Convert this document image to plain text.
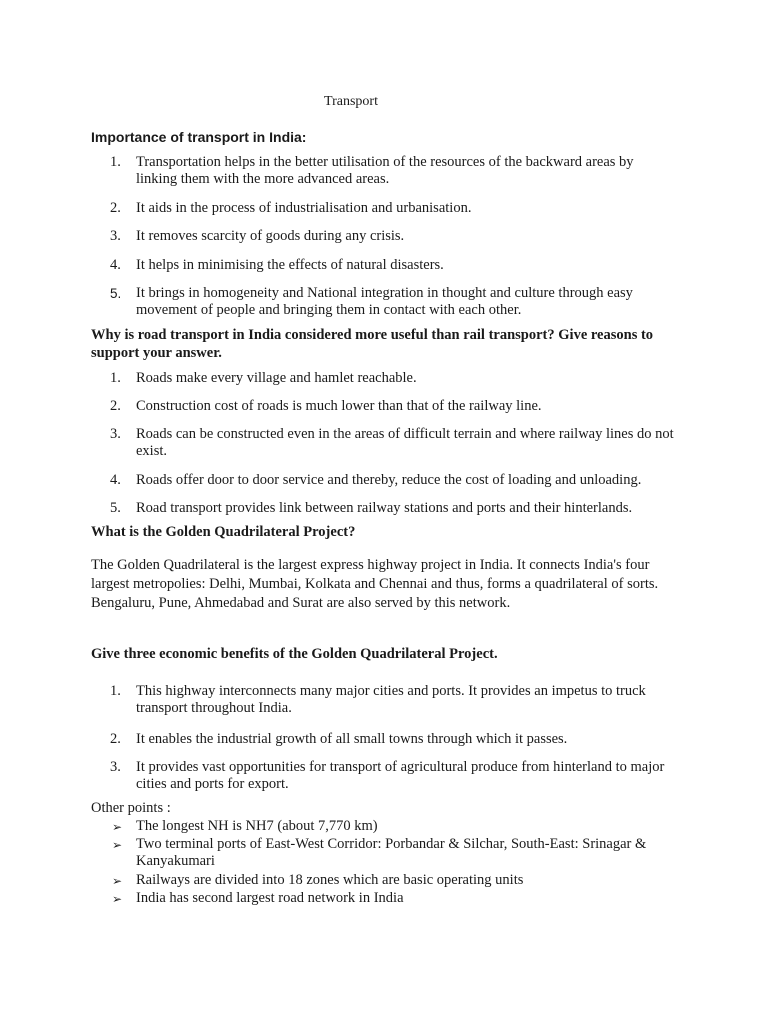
Transport
Importance of transport in India:
1.	Transportation helps in the better utilisation of the resources of the backward areas by linking them with the more advanced areas.
2.	It aids in the process of industrialisation and urbanisation.
3.	It removes scarcity of goods during any crisis.
4.	It helps in minimising the effects of natural disasters.
5.	It brings in homogeneity and National integration in thought and culture through easy movement of people and bringing them in contact with each other.
Why is road transport in India considered more useful than rail transport? Give reasons to support your answer.
1.	Roads make every village and hamlet reachable.
2.	Construction cost of roads is much lower than that of the railway line.
3.	Roads can be constructed even in the areas of difficult terrain and where railway lines do not exist.
4.	Roads offer door to door service and thereby, reduce the cost of loading and unloading.
5.	Road transport provides link between railway stations and ports and their hinterlands.
What is the Golden Quadrilateral Project?
The Golden Quadrilateral is the largest express highway project in India. It connects India's four largest metropolies: Delhi, Mumbai, Kolkata and Chennai and thus, forms a quadrilateral of sorts. Bengaluru, Pune, Ahmedabad and Surat are also served by this network.
Give three economic benefits of the Golden Quadrilateral Project.
1.	This highway interconnects many major cities and ports. It provides an impetus to truck transport throughout India.
2.	It enables the industrial growth of all small towns through which it passes.
3.	It provides vast opportunities for transport of agricultural produce from hinterland to major cities and ports for export.
Other points :
➢ The longest NH is NH7 (about 7,770 km)
➢ Two terminal ports of East-West Corridor: Porbandar & Silchar, South-East: Srinagar & Kanyakumari
➢ Railways are divided into 18 zones which are basic operating units
➢ India has second largest road network in India
